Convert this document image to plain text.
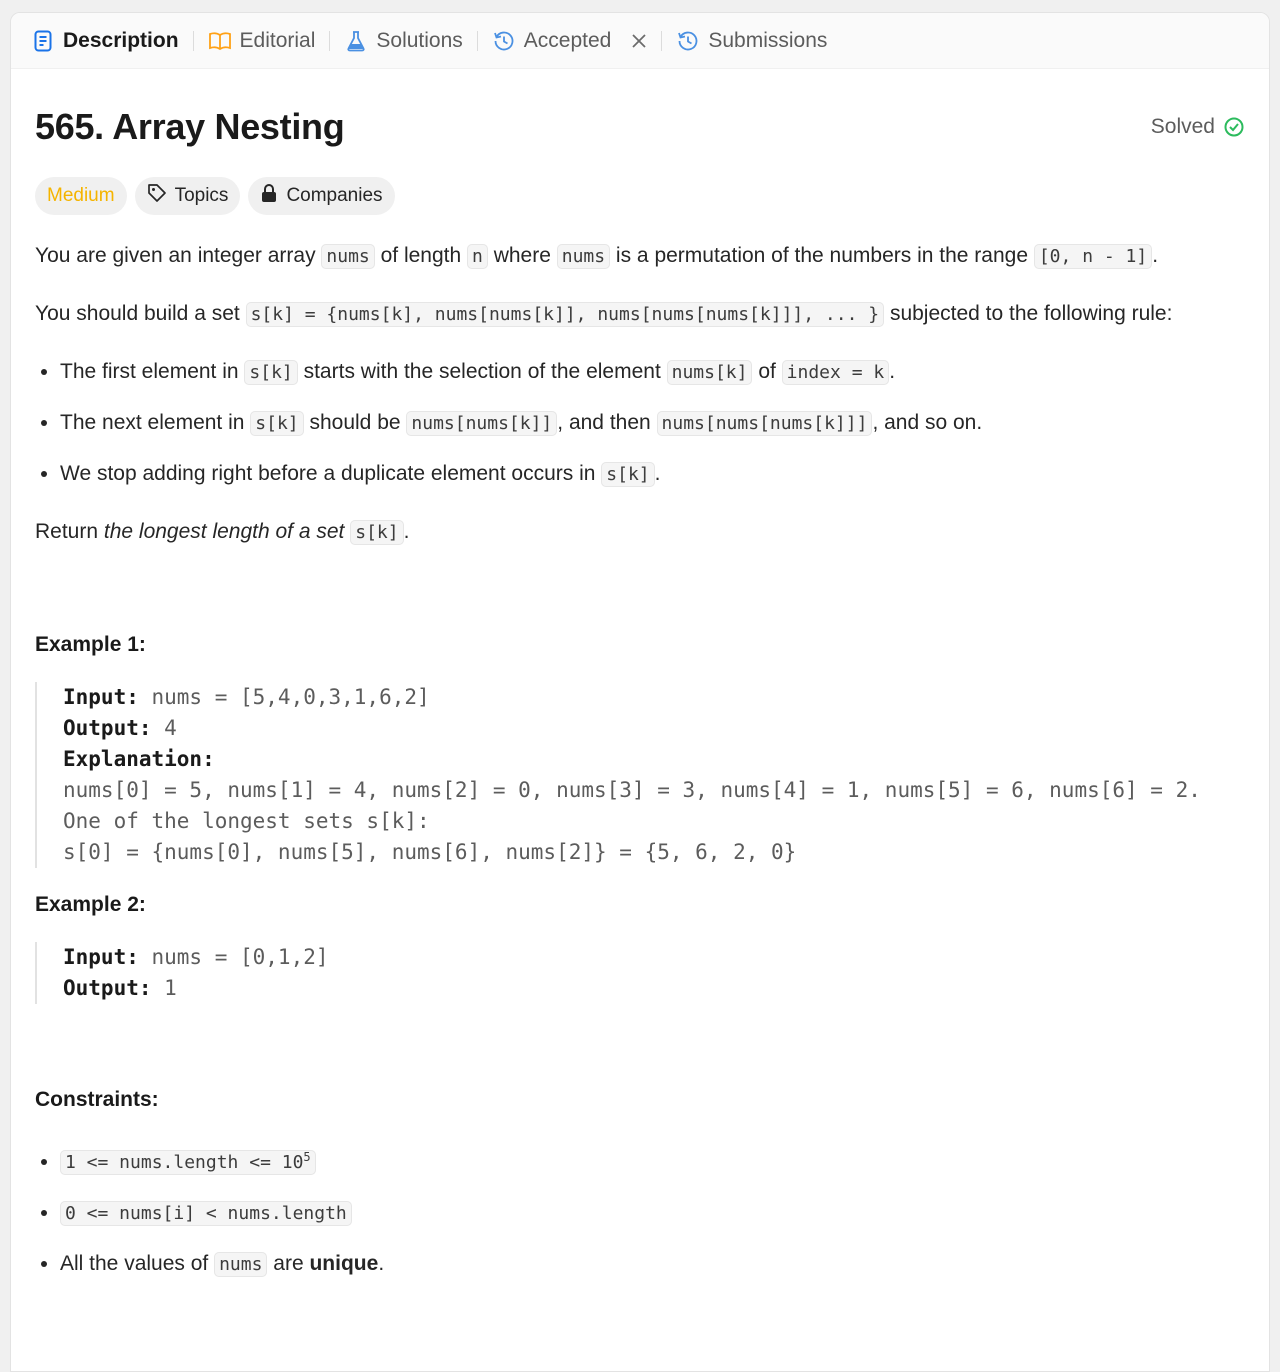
Description	Editorial	Solutions	Accepted	Submissions
565. Array Nesting	Solved
Medium	Topics	Companies

You are given an integer array nums of length n where nums is a permutation of the numbers in the range [0, n - 1] .

You should build a set s[k] = {nums[k], nums[nums[k]], nums[nums[nums[k]]], ... } subjected to the following rule:

• The first element in s[k] starts with the selection of the element nums[k] of index = k .
• The next element in s[k] should be nums[nums[k]] , and then nums[nums[nums[k]]] , and so on.
• We stop adding right before a duplicate element occurs in s[k] .

Return the longest length of a set s[k] .

Example 1:
Input: nums = [5,4,0,3,1,6,2]
Output: 4
Explanation:
nums[0] = 5, nums[1] = 4, nums[2] = 0, nums[3] = 3, nums[4] = 1, nums[5] = 6, nums[6] = 2.
One of the longest sets s[k]:
s[0] = {nums[0], nums[5], nums[6], nums[2]} = {5, 6, 2, 0}
Example 2:
Input: nums = [0,1,2]
Output: 1
Constraints:
• 1 <= nums.length <= $10^5$
• 0 <= nums[i] < nums.length
• All the values of nums are unique.
